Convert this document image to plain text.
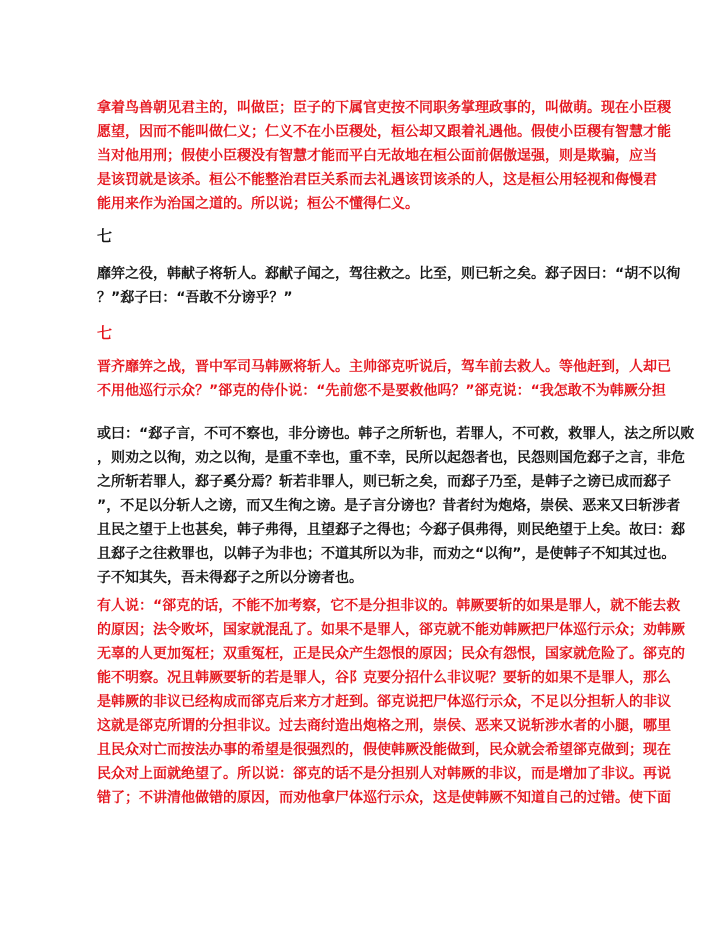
拿着鸟兽朝见君主的，叫做臣；臣子的下属官吏按不同职务掌理政事的，叫做萌。现在小臣稷
愿望，因而不能叫做仁义；仁义不在小臣稷处，桓公却又跟着礼遇他。假使小臣稷有智慧才能
当对他用刑；假使小臣稷没有智慧才能而平白无故地在桓公面前倨傲逞强，则是欺骗，应当
是该罚就是该杀。桓公不能整治君臣关系而去礼遇该罚该杀的人，这是桓公用轻视和侮慢君
能用来作为治国之道的。所以说；桓公不懂得仁义。
七
靡笄之役，韩献子将斩人。郄献子闻之，驾往救之。比至，则已斩之矣。郄子因曰：“胡不以徇
？”郄子曰：“吾敢不分谤乎？”
七
晋齐靡笄之战，晋中军司马韩厥将斩人。主帅郤克听说后，驾车前去救人。等他赶到，人却已
不用他巡行示众？”郤克的侍仆说：“先前您不是要救他吗？”郤克说：“我怎敢不为韩厥分担
或曰：“郄子言，不可不察也，非分谤也。韩子之所斩也，若罪人，不可救，救罪人，法之所以败
，则劝之以徇，劝之以徇，是重不幸也，重不幸，民所以起怨者也，民怨则国危郄子之言，非危
之所斩若罪人，郄子奚分焉？斩若非罪人，则已斩之矣，而郄子乃至，是韩子之谤已成而郄子
”，不足以分斩人之谤，而又生徇之谤。是子言分谤也？昔者纣为炮烙，崇侯、恶来又曰斩涉者
且民之望于上也甚矣，韩子弗得，且望郄子之得也；今郄子俱弗得，则民绝望于上矣。故曰：郄
且郄子之往救罪也，以韩子为非也；不道其所以为非，而劝之“以徇”，是使韩子不知其过也。
子不知其失，吾未得郄子之所以分谤者也。
有人说：“郤克的话，不能不加考察，它不是分担非议的。韩厥要斩的如果是罪人，就不能去救
的原因；法令败坏，国家就混乱了。如果不是罪人，郤克就不能劝韩厥把尸体巡行示众；劝韩厥
无辜的人更加冤枉；双重冤枉，正是民众产生怨恨的原因；民众有怨恨，国家就危险了。郤克的
能不明察。况且韩厥要斩的若是罪人，谷阝克要分招什么非议呢？要斩的如果不是罪人，那么
是韩厥的非议已经构成而郤克后来方才赶到。郤克说把尸体巡行示众，不足以分担斩人的非议
这就是郤克所谓的分担非议。过去商纣造出炮格之刑，崇侯、恶来又说斩涉水者的小腿，哪里
且民众对亡而按法办事的希望是很强烈的，假使韩厥没能做到，民众就会希望郤克做到；现在
民众对上面就绝望了。所以说：郤克的话不是分担别人对韩厥的非议，而是增加了非议。再说
错了；不讲清他做错的原因，而劝他拿尸体巡行示众，这是使韩厥不知道自己的过错。使下面
